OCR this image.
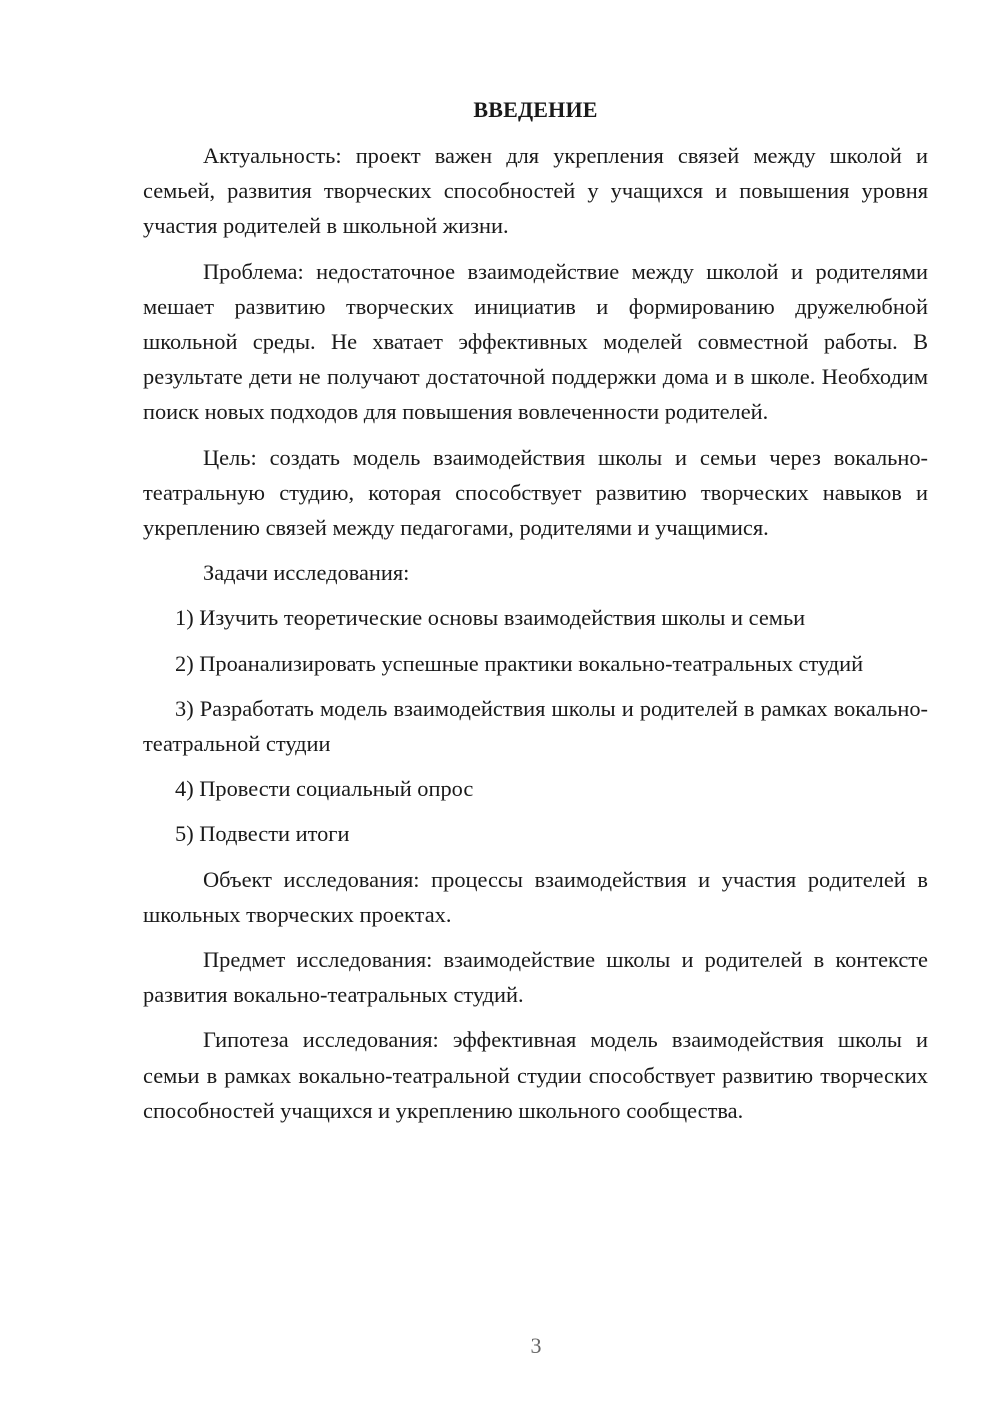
ВВЕДЕНИЕ

Актуальность: проект важен для укрепления связей между школой и семьей, развития творческих способностей у учащихся и повышения уровня участия родителей в школьной жизни.

Проблема: недостаточное взаимодействие между школой и родителями мешает развитию творческих инициатив и формированию дружелюбной школьной среды. Не хватает эффективных моделей совместной работы. В результате дети не получают достаточной поддержки дома и в школе. Необходим поиск новых подходов для повышения вовлеченности родителей.

Цель: создать модель взаимодействия школы и семьи через вокально-театральную студию, которая способствует развитию творческих навыков и укреплению связей между педагогами, родителями и учащимися.

Задачи исследования:

1) Изучить теоретические основы взаимодействия школы и семьи

2) Проанализировать успешные практики вокально-театральных студий

3) Разработать модель взаимодействия школы и родителей в рамках вокально-театральной студии

4) Провести социальный опрос

5) Подвести итоги

Объект исследования: процессы взаимодействия и участия родителей в школьных творческих проектах.

Предмет исследования: взаимодействие школы и родителей в контексте развития вокально-театральных студий.

Гипотеза исследования: эффективная модель взаимодействия школы и семьи в рамках вокально-театральной студии способствует развитию творческих способностей учащихся и укреплению школьного сообщества.

3
